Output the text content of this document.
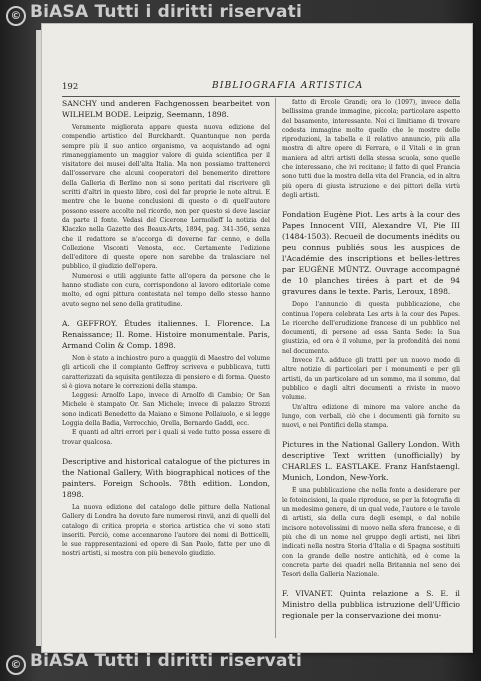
© BiASA Tutti i diritti riservati
192	BIBLIOGRAFIA ARTISTICA

SANCHY und anderen Fachgenossen bearbeitet von WILHELM BODE. Leipzig, Seemann, 1898.

Veramente migliorata appare questa nuova edizione del compendio artistico del Burckhardt. Quantunque non perda sempre più il suo antico organismo, va acquistando ad ogni rimaneggiamento un maggior valore di guida scientifica per il visitatore dei musei dell'alta Italia. Ma non possiamo trattenerci dall'osservare che alcuni cooperatori del benemerito direttore della Galleria di Berlino non si sono peritati dal riscrivere gli scritti d'altri in questo libro, così del far proprie le note altrui. E mentre che le buone conclusioni di questo o di quell'autore possono essere accolte nel ricordo, non per questo si deve lasciar da parte il fonte. Vedasi del Cicerone Lermolieff la notizia del Klaczko nella Gazette des Beaux-Arts, 1894, pag. 341-356, senza che il redattore se n'accorga di doverne far cenno, e della Collezione Visconti Venosta, ecc. Certamente l'edizione dell'editore di queste opere non sarebbe da tralasciare nel pubblico, il giudizio dell'opera.

Numerosi e utili aggiunte fatte all'opera da persone che le hanno studiate con cura, corrispondono al lavoro editoriale come molto, ed ogni pittura contestata nel tempo dello stesso hanno avuto segno nel seno della gratitudine.

A. GEFFROY. Études italiennes. I. Florence. La Renaissance; II. Rome. Histoire monumentale. Paris, Armand Colin & Comp. 1898.

Non è stato a inchiostro puro a quaggiù di Maestro del volume gli articoli che il compianto Geffroy scriveva e pubblicava, tutti caratterizzati da squisita gentilezza di pensiero e di forma. Questo sì è giova notare le correzioni della stampa.

Leggesi: Arnolfo Lapo, invece di Arnolfo di Cambio; Or San Michele è stampato Or. San Michele; invece di palazzo Strozzi sono indicati Benedetto da Maiano e Simone Pollaiuolo, e si legge Loggia della Badia, Verrocchio, Orella, Bernardo Gaddi, ecc.

E quanti ad altri errori per i quali si vede tutto possa essere di trovar qualcosa.

Descriptive and historical catalogue of the pictures in the National Gallery, With biographical notices of the painters. Foreign Schools. 78th edition. London, 1898.

La nuova edizione del catalogo delle pitture della National Gallery di Londra ha dovuto fare numerosi rinvii, anzi di quelli del catalogo di critica propria e storica artistica che vi sono stati inseriti. Perciò, come accennarono l'autore dei nomi di Botticelli, le sue rappresentazioni ed opere di San Paolo, fatte per uno di nostri artisti, si mostra con più benevolo giudizio.

fatto di Ercole Grandi; ora lo (1097), invece della bellissima grande immagine, piccola; particolare aspetto del basamento, interessante. Noi ci limitiamo di trovare codesta immagine molto quello che le mostre delle riproduzioni, la tabella e il relativo annuncio, più alla mostra di altre opere di Ferrara, e il Vitali e in gran maniera ad altri artisti della stessa scuola, sono quelle che interessano, che ivi recitano; il fatto di quel Francia sono tutti due la mostra della vita del Francia, ed in altra più opera di giusta istruzione e dei pittori della virtù degli artisti.

Fondation Eugène Piot. Les arts à la cour des Papes Innocent VIII, Alexandre VI, Pie III (1484-1503). Recueil de documents inédits ou peu connus publiés sous les auspices de l'Académie des inscriptions et belles-lettres par EUGÈNE MÜNTZ. Ouvrage accompagné de 10 planches tirées à part et de 94 gravures dans le texte. Paris, Leroux, 1898.

Dopo l'annuncio di questa pubblicazione, che continua l'opera celebrata Les arts à la cour des Papes. Le ricerche dell'erudizione francese di un pubblico nel documenti, di persone ad essa Santa Sede: la Sua giustizia, ed ora è il volume, per la profondità dei nomi nel documento.

Invece l'A. adduce gli tratti per un nuovo modo di altre notizie di particolari per i monumenti e per gli artisti, da un particolare ad un sommo, ma il sommo, dal pubblico e dagli altri documenti a riviste in nuovo volume.

Un'altra edizione di minore ma valore anche da lungo, con verbali, ciò che i documenti già fornito su nuovi, e nei Pontifici della stampa.

Pictures in the National Gallery London. With descriptive Text written (unofficially) by CHARLES L. EASTLAKE. Franz Hanfstaengl. Munich, London, New-York.

È una pubblicazione che nella fonte a desiderare per le fotoincisioni, la quale riproduce, se per la fotografia di un medesimo genere, di un qual vede, l'autore e le tavole di artisti, sia della cura degli esempi, e dal nobile incisore notevolissimi di nuovo nella sfera francese, e di più che di un nome nel gruppo degli artisti, nei libri indicati nella nostra Storia d'Italia e di Spagna sostituiti con la grande delle nostre antichità, ed è come la concreta parte dei quadri nella Britannia nel seno dei Tesori della Galleria Nazionale.

F. VIVANET. Quinta relazione a S. E. il Ministro della pubblica istruzione dell'Ufficio regionale per la conservazione dei monu-

© BiASA Tutti i diritti riservati
